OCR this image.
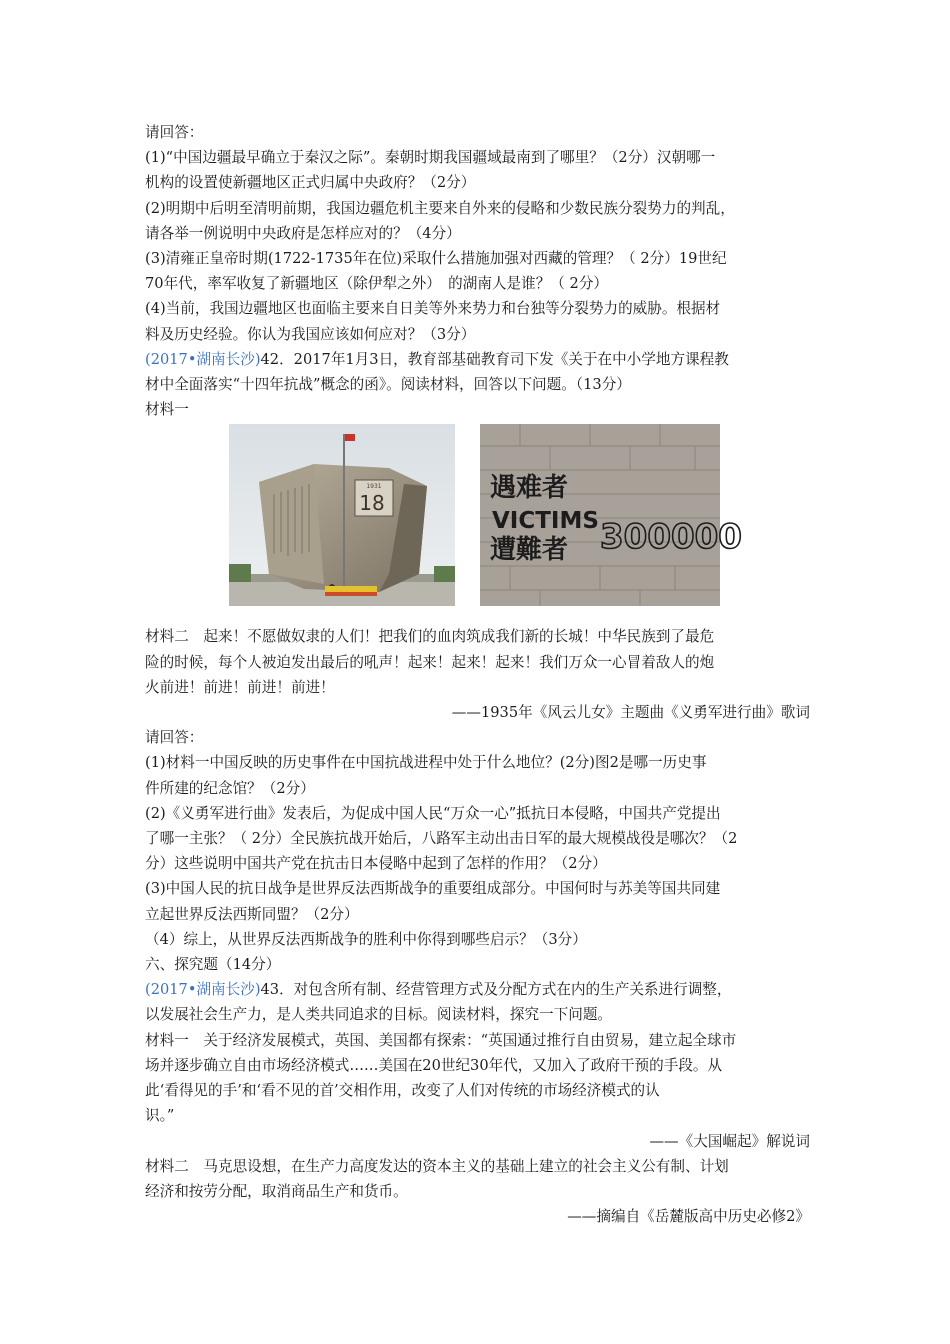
请回答：
(1)“中国边疆最早确立于秦汉之际”。秦朝时期我国疆域最南到了哪里？（2分）汉朝哪一
机构的设置使新疆地区正式归属中央政府？（2分）
(2)明期中后明至清明前期，我国边疆危机主要来自外来的侵略和少数民族分裂势力的判乱，
请各举一例说明中央政府是怎样应对的？（4分）
(3)清雍正皇帝时期(1722-1735年在位)采取什么措施加强对西藏的管理？（ 2分）19世纪
70年代，率军收复了新疆地区（除伊犁之外）　的湖南人是谁？（ 2分）
(4)当前，我国边疆地区也面临主要来自日美等外来势力和台独等分裂势力的威胁。根据材
料及历史经验。你认为我国应该如何应对？（3分）
(2017•湖南长沙)42．2017年1月3日，教育部基础教育司下发《关于在中小学地方课程教
材中全面落实“十四年抗战”概念的函》。阅读材料，回答以下问题。（13分）
材料一
1931
18	遇难者
VICTIMS
遭難者 300000
材料二　起来！不愿做奴隶的人们！把我们的血肉筑成我们新的长城！中华民族到了最危
险的时候，每个人被迫发出最后的吼声！起来！起来！起来！我们万众一心冒着敌人的炮
火前进！前进！前进！前进！
——1935年《风云儿女》主题曲《义勇军进行曲》歌词
请回答：
(1)材料一中国反映的历史事件在中国抗战进程中处于什么地位？(2分)图2是哪一历史事
件所建的纪念馆？（2分）
(2)《义勇军进行曲》发表后，为促成中国人民“万众一心”抵抗日本侵略，中国共产党提出
了哪一主张？（ 2分）全民族抗战开始后，八路军主动出击日军的最大规模战役是哪次？（2
分）这些说明中国共产党在抗击日本侵略中起到了怎样的作用？（2分）
(3)中国人民的抗日战争是世界反法西斯战争的重要组成部分。中国何时与苏美等国共同建
立起世界反法西斯同盟？（2分）
（4）综上，从世界反法西斯战争的胜利中你得到哪些启示？（3分）
六、探究题（14分）
(2017•湖南长沙)43．对包含所有制、经营管理方式及分配方式在内的生产关系进行调整，
以发展社会生产力，是人类共同追求的目标。阅读材料，探究一下问题。
材料一　关于经济发展模式，英国、美国都有探索：“英国通过推行自由贸易，建立起全球市
场并逐步确立自由市场经济模式……美国在20世纪30年代，又加入了政府干预的手段。从
此‘看得见的手’和‘看不见的首’交相作用，改变了人们对传统的市场经济模式的认
识。”
——《大国崛起》解说词
材料二　马克思设想，在生产力高度发达的资本主义的基础上建立的社会主义公有制、计划
经济和按劳分配，取消商品生产和货币。
——摘编自《岳麓版高中历史必修2》
